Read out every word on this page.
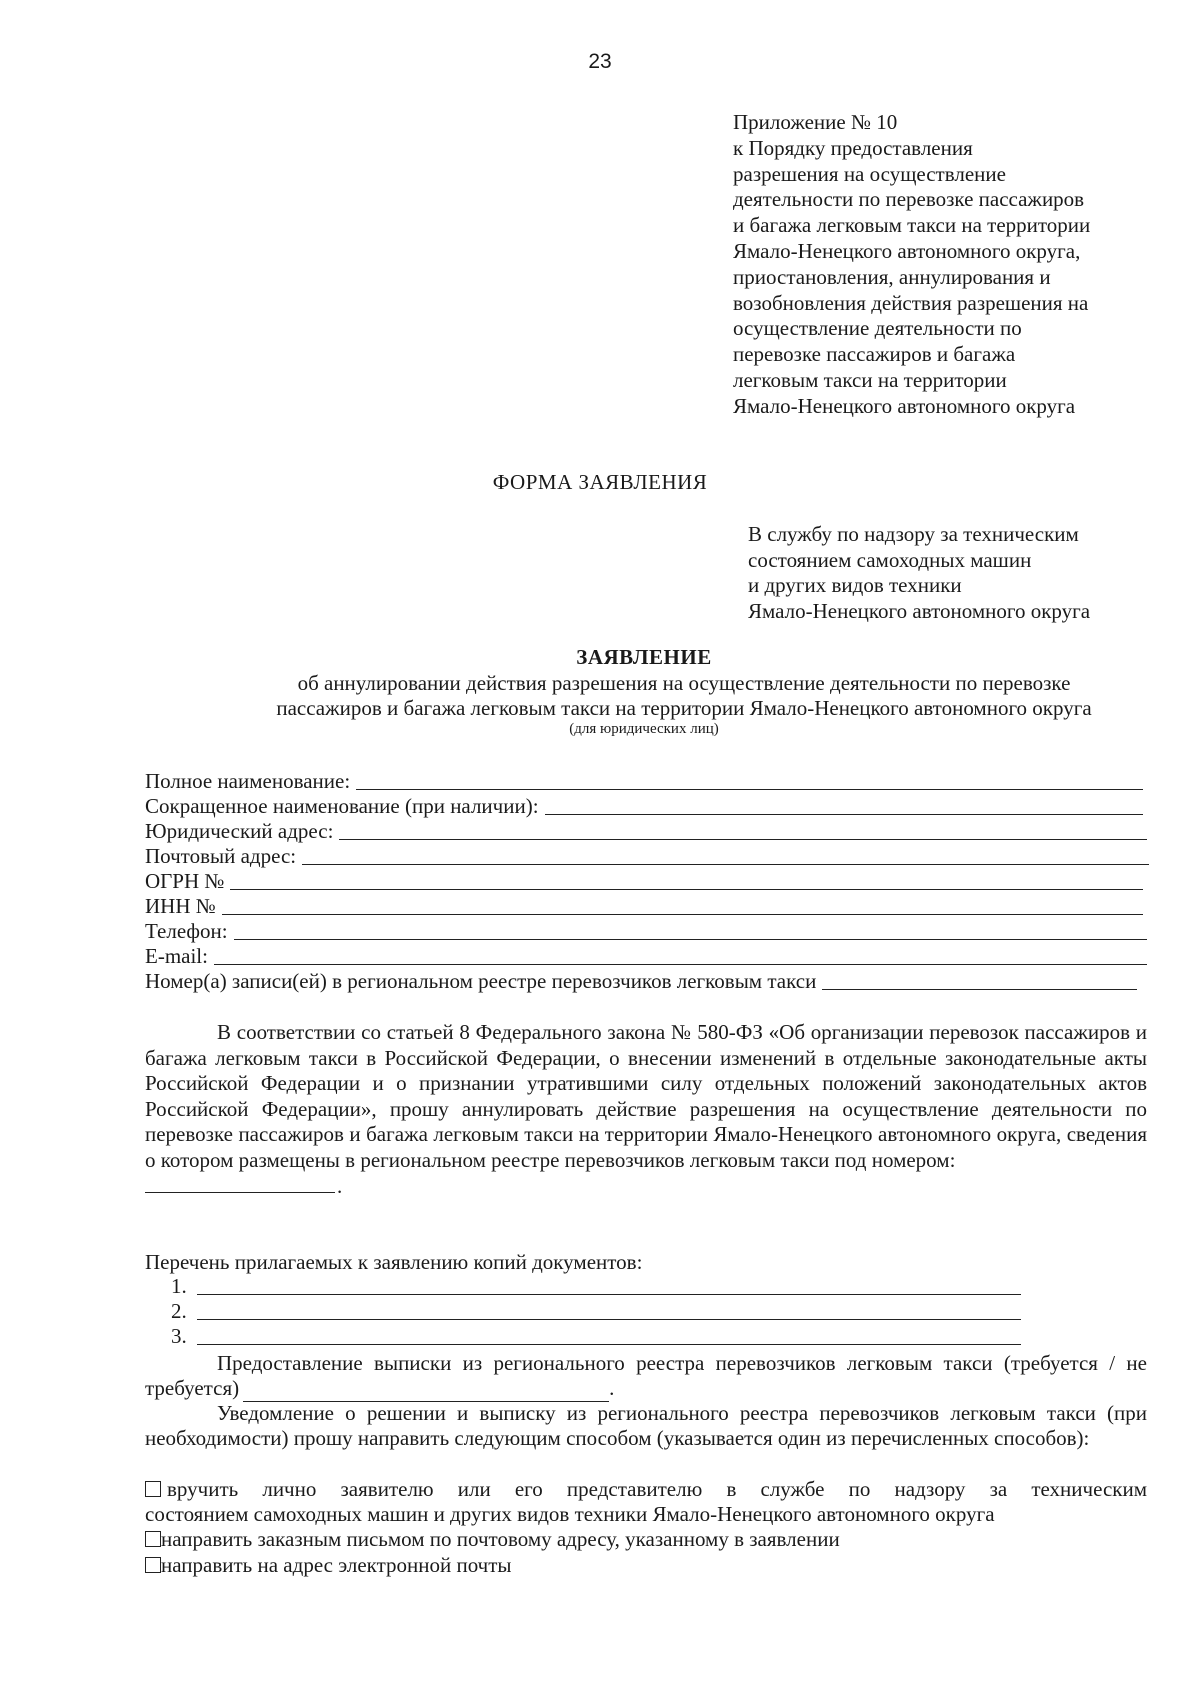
23
Приложение № 10
к Порядку предоставления
разрешения на осуществление
деятельности по перевозке пассажиров
и багажа легковым такси на территории
Ямало-Ненецкого автономного округа,
приостановления, аннулирования и
возобновления действия разрешения на
осуществление деятельности по
перевозке пассажиров и багажа
легковым такси на территории
Ямало-Ненецкого автономного округа
ФОРМА ЗАЯВЛЕНИЯ
В службу по надзору за техническим
состоянием самоходных машин
и других видов техники
Ямало-Ненецкого автономного округа
ЗАЯВЛЕНИЕ
об аннулировании действия разрешения на осуществление деятельности по перевозке
пассажиров и багажа легковым такси на территории Ямало-Ненецкого автономного округа
(для юридических лиц)
Полное наименование:
Сокращенное наименование (при наличии):
Юридический адрес:
Почтовый адрес:
ОГРН №
ИНН №
Телефон:
E-mail:
Номер(а) записи(ей) в региональном реестре перевозчиков легковым такси
В соответствии со статьей 8 Федерального закона № 580-ФЗ «Об организации перевозок пассажиров и багажа легковым такси в Российской Федерации, о внесении изменений в отдельные законодательные акты Российской Федерации и о признании утратившими силу отдельных положений законодательных актов Российской Федерации», прошу аннулировать действие разрешения на осуществление деятельности по перевозке пассажиров и багажа легковым такси на территории Ямало-Ненецкого автономного округа, сведения о котором размещены в региональном реестре перевозчиков легковым такси под номером:
.
Перечень прилагаемых к заявлению копий документов:
1.
2.
3.
Предоставление выписки из регионального реестра перевозчиков легковым такси (требуется / не требуется)	.
Уведомление о решении и выписку из регионального реестра перевозчиков легковым такси (при необходимости) прошу направить следующим способом (указывается один из перечисленных способов):
вручить лично заявителю или его представителю в службе по надзору за техническим
состоянием самоходных машин и других видов техники Ямало-Ненецкого автономного округа
направить заказным письмом по почтовому адресу, указанному в заявлении
направить на адрес электронной почты
